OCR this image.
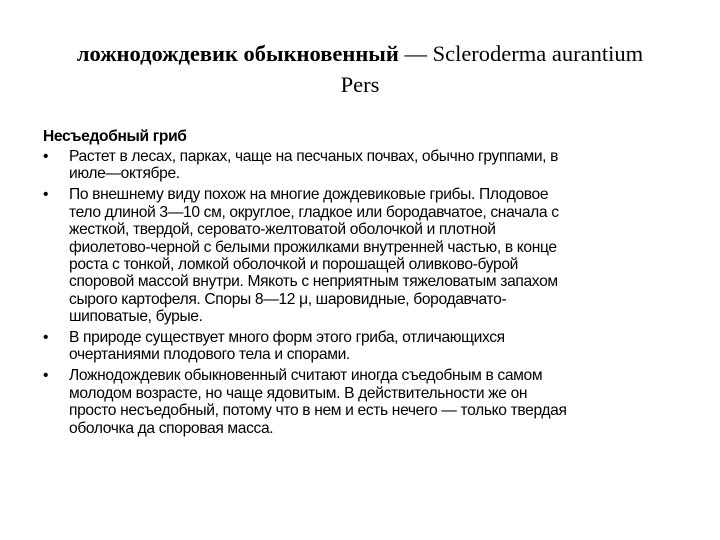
ложнодождевик обыкновенный — Scleroderma aurantium
Pers
Несъедобный гриб
• Растет в лесах, парках, чаще на песчаных почвах, обычно группами, в
июле—октябре.
• По внешнему виду похож на многие дождевиковые грибы. Плодовое
тело длиной 3—10 см, округлое, гладкое или бородавчатое, сначала с
жесткой, твердой, серовато-желтоватой оболочкой и плотной
фиолетово-черной с белыми прожилками внутренней частью, в конце
роста с тонкой, ломкой оболочкой и порошащей оливково-бурой
споровой массой внутри. Мякоть с неприятным тяжеловатым запахом
сырого картофеля. Споры 8—12 μ, шаровидные, бородавчато-
шиповатые, бурые.
• В природе существует много форм этого гриба, отличающихся
очертаниями плодового тела и спорами.
• Ложнодождевик обыкновенный считают иногда съедобным в самом
молодом возрасте, но чаще ядовитым. В действительности же он
просто несъедобный, потому что в нем и есть нечего — только твердая
оболочка да споровая масса.
